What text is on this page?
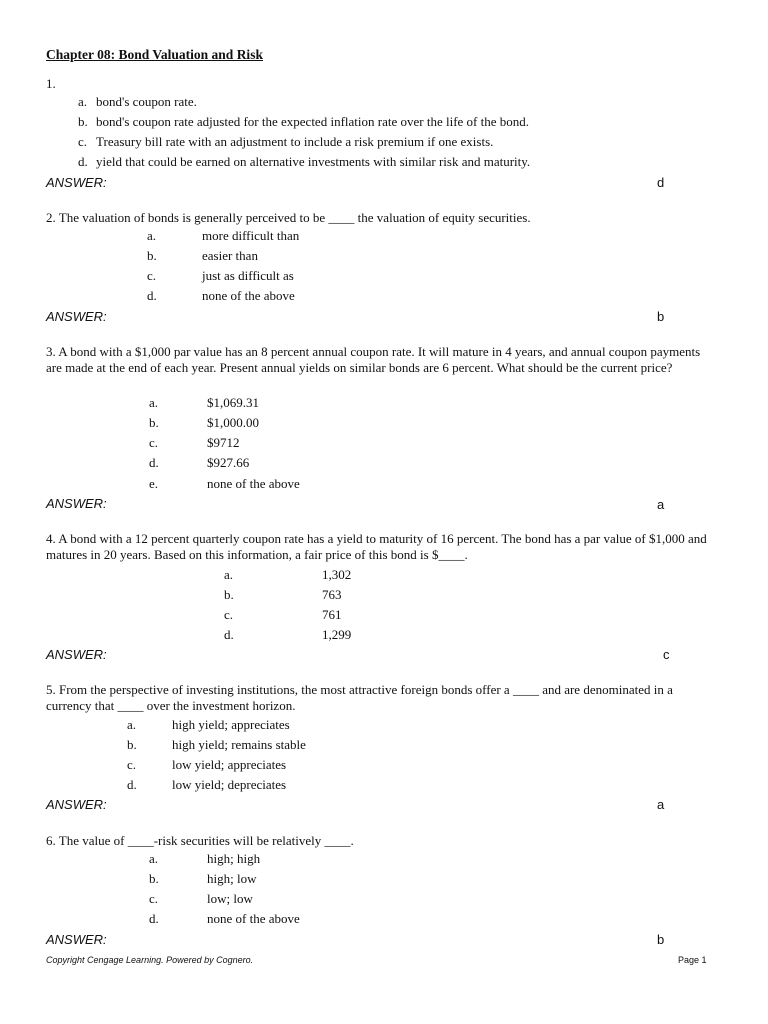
Chapter 08: Bond Valuation and Risk
1.
a. bond's coupon rate.
b. bond's coupon rate adjusted for the expected inflation rate over the life of the bond.
c. Treasury bill rate with an adjustment to include a risk premium if one exists.
d. yield that could be earned on alternative investments with similar risk and maturity.
ANSWER:	d
2. The valuation of bonds is generally perceived to be ____ the valuation of equity securities.
a.	more difficult than
b.	easier than
c.	just as difficult as
d.	none of the above
ANSWER:	b
3. A bond with a $1,000 par value has an 8 percent annual coupon rate. It will mature in 4 years, and annual coupon payments are made at the end of each year. Present annual yields on similar bonds are 6 percent. What should be the current price?
a.	$1,069.31
b.	$1,000.00
c.	$9712
d.	$927.66
e.	none of the above
ANSWER:	a
4. A bond with a 12 percent quarterly coupon rate has a yield to maturity of 16 percent. The bond has a par value of $1,000 and matures in 20 years. Based on this information, a fair price of this bond is $____.
a.	1,302
b.	763
c.	761
d.	1,299
ANSWER:	c
5. From the perspective of investing institutions, the most attractive foreign bonds offer a ____ and are denominated in a currency that ____ over the investment horizon.
a.	high yield; appreciates
b.	high yield; remains stable
c.	low yield; appreciates
d.	low yield; depreciates
ANSWER:	a
6. The value of ____-risk securities will be relatively ____.
a.	high; high
b.	high; low
c.	low; low
d.	none of the above
ANSWER:	b
Copyright Cengage Learning. Powered by Cognero.	Page 1
